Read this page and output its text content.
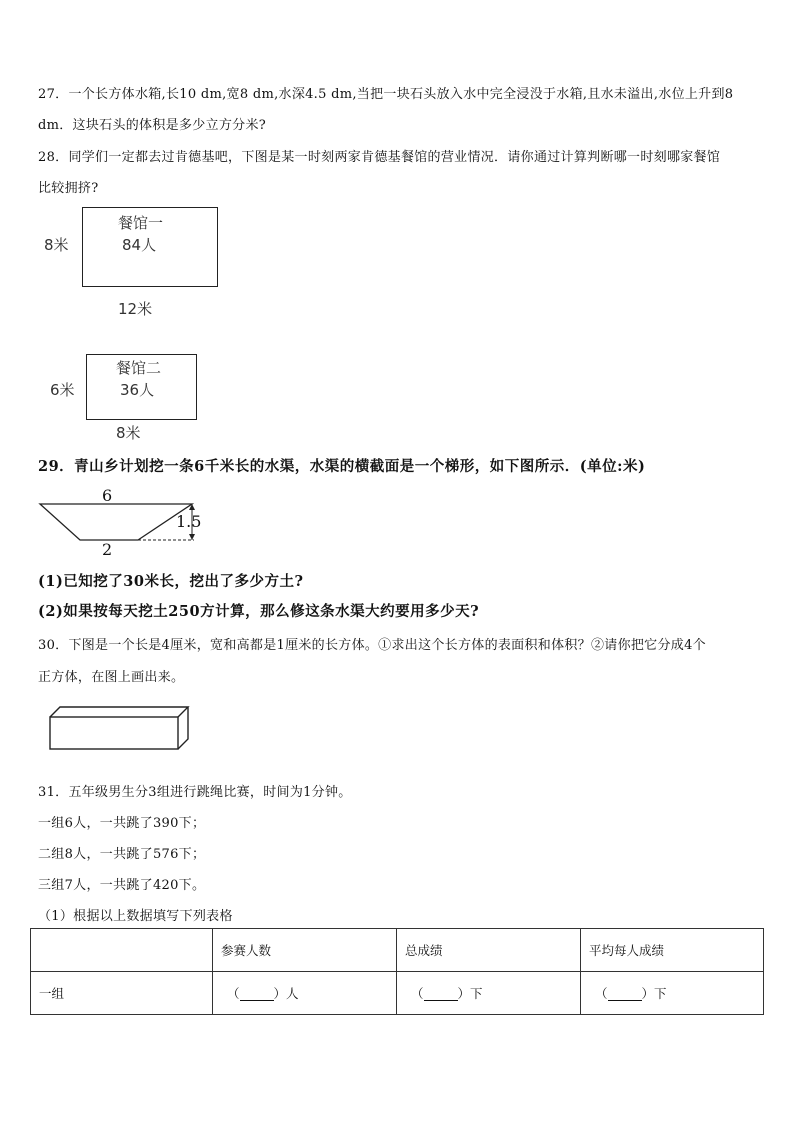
27．一个长方体水箱,长10 dm,宽8 dm,水深4.5 dm,当把一块石头放入水中完全浸没于水箱,且水未溢出,水位上升到8
dm．这块石头的体积是多少立方分米?
28．同学们一定都去过肯德基吧，下图是某一时刻两家肯德基餐馆的营业情况．请你通过计算判断哪一时刻哪家餐馆
比较拥挤?
餐馆一
84人
8米
12米
餐馆二
36人
6米
8米
29．青山乡计划挖一条6千米长的水渠，水渠的横截面是一个梯形，如下图所示．(单位:米)
6
1.5
2
(1)已知挖了30米长，挖出了多少方土?
(2)如果按每天挖土250方计算，那么修这条水渠大约要用多少天?
30．下图是一个长是4厘米，宽和高都是1厘米的长方体。①求出这个长方体的表面积和体积？②请你把它分成4个
正方体，在图上画出来。
31．五年级男生分3组进行跳绳比赛，时间为1分钟。
一组6人，一共跳了390下；
二组8人，一共跳了576下；
三组7人，一共跳了420下。
（1）根据以上数据填写下列表格
	参赛人数	总成绩	平均每人成绩
一组	（ ）人	（ ）下	（ ）下
